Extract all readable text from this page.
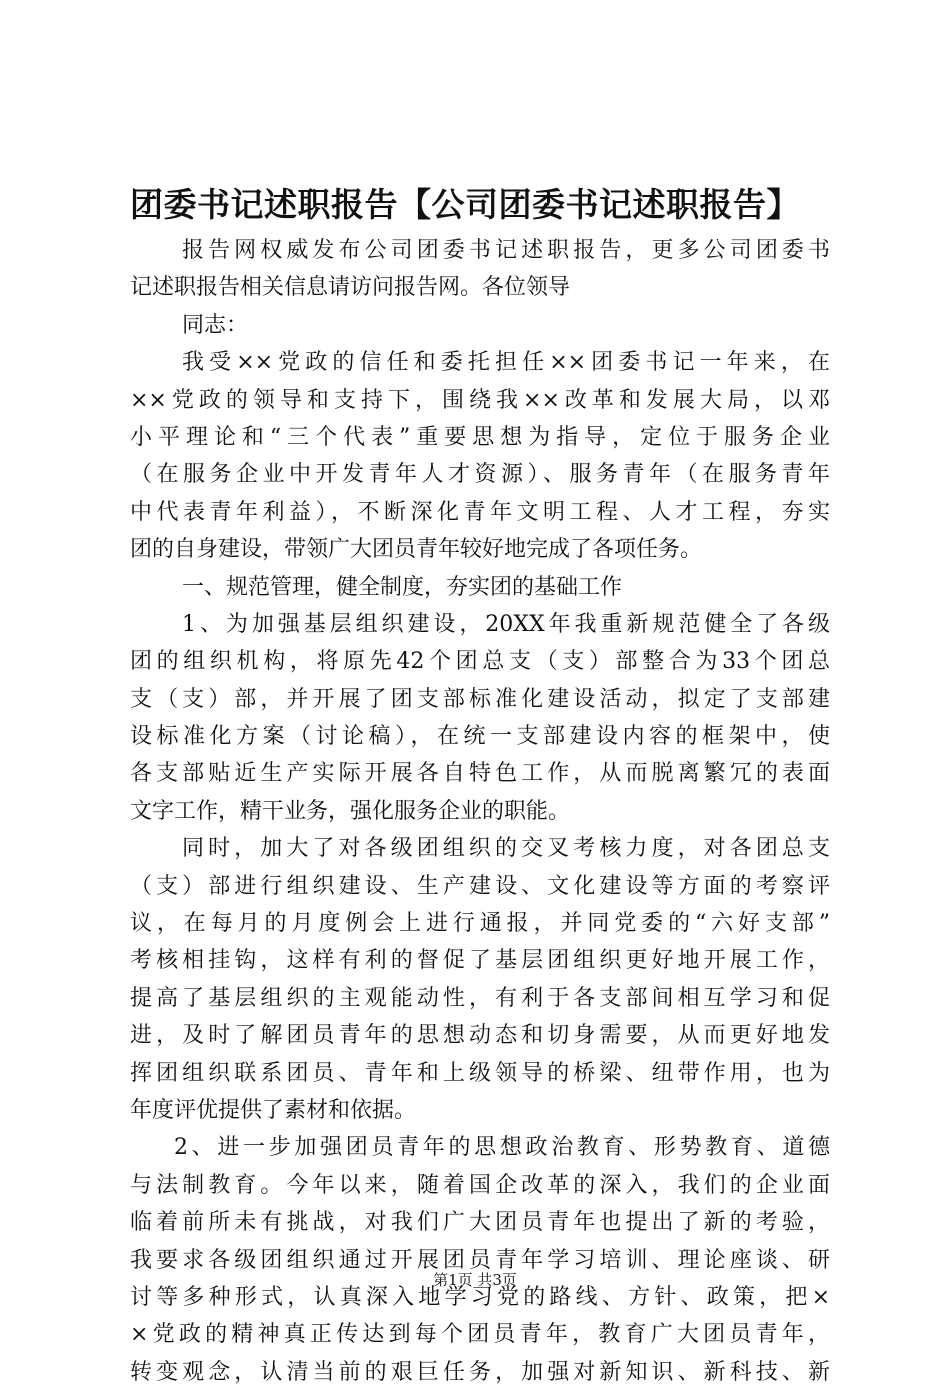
团委书记述职报告【公司团委书记述职报告】
报告网权威发布公司团委书记述职报告，更多公司团委书
记述职报告相关信息请访问报告网。各位领导
同志：
我受××党政的信任和委托担任××团委书记一年来，在
××党政的领导和支持下，围绕我××改革和发展大局，以邓
小平理论和“三个代表”重要思想为指导，定位于服务企业
（在服务企业中开发青年人才资源）、服务青年（在服务青年
中代表青年利益），不断深化青年文明工程、人才工程，夯实
团的自身建设，带领广大团员青年较好地完成了各项任务。
一、规范管理，健全制度，夯实团的基础工作
1、为加强基层组织建设，20XX年我重新规范健全了各级
团的组织机构，将原先42个团总支（支）部整合为33个团总
支（支）部，并开展了团支部标准化建设活动，拟定了支部建
设标准化方案（讨论稿），在统一支部建设内容的框架中，使
各支部贴近生产实际开展各自特色工作，从而脱离繁冗的表面
文字工作，精干业务，强化服务企业的职能。
同时，加大了对各级团组织的交叉考核力度，对各团总支
（支）部进行组织建设、生产建设、文化建设等方面的考察评
议，在每月的月度例会上进行通报，并同党委的“六好支部”
考核相挂钩，这样有利的督促了基层团组织更好地开展工作，
提高了基层组织的主观能动性，有利于各支部间相互学习和促
进，及时了解团员青年的思想动态和切身需要，从而更好地发
挥团组织联系团员、青年和上级领导的桥梁、纽带作用，也为
年度评优提供了素材和依据。
2、进一步加强团员青年的思想政治教育、形势教育、道德
与法制教育。今年以来，随着国企改革的深入，我们的企业面
临着前所未有挑战，对我们广大团员青年也提出了新的考验，
我要求各级团组织通过开展团员青年学习培训、理论座谈、研
讨等多种形式，认真深入地学习党的路线、方针、政策，把×
×党政的精神真正传达到每个团员青年，教育广大团员青年，
转变观念，认清当前的艰巨任务，加强对新知识、新科技、新
第1页 共3页
